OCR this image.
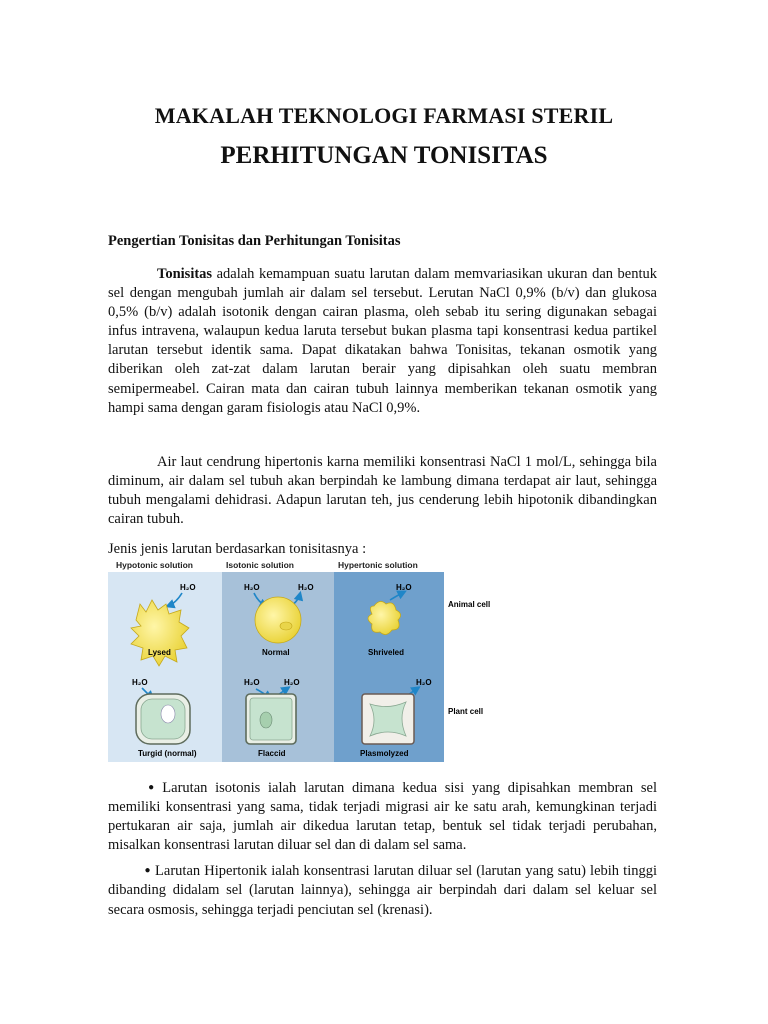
MAKALAH TEKNOLOGI FARMASI STERIL
PERHITUNGAN TONISITAS
Pengertian Tonisitas dan Perhitungan Tonisitas

Tonisitas adalah kemampuan suatu larutan dalam memvariasikan ukuran dan bentuk sel dengan mengubah jumlah air dalam sel tersebut. Lerutan NaCl 0,9% (b/v) dan glukosa 0,5% (b/v) adalah isotonik dengan cairan plasma, oleh sebab itu sering digunakan sebagai infus intravena, walaupun kedua laruta tersebut bukan plasma tapi konsentrasi kedua partikel larutan tersebut identik sama. Dapat dikatakan bahwa Tonisitas, tekanan osmotik yang diberikan oleh zat-zat dalam larutan berair yang dipisahkan oleh suatu membran semipermeabel. Cairan mata dan cairan tubuh lainnya memberikan tekanan osmotik yang hampi sama dengan garam fisiologis atau NaCl 0,9%.

Air laut cendrung hipertonis karna memiliki konsentrasi NaCl 1 mol/L, sehingga bila diminum, air dalam sel tubuh akan berpindah ke lambung dimana terdapat air laut, sehingga tubuh mengalami dehidrasi. Adapun larutan teh, jus cenderung lebih hipotonik dibandingkan cairan tubuh.

Jenis jenis larutan berdasarkan tonisitasnya :
Hypotonic solution	Isotonic solution	Hypertonic solution
H₂O
Lysed
H₂O	H₂O
Normal
H₂O
Shriveled
Animal cell
H₂O
Turgid (normal)
H₂O	H₂O
Flaccid
H₂O
Plasmolyzed
Plant cell

● Larutan isotonis ialah larutan dimana kedua sisi yang dipisahkan membran sel memiliki konsentrasi yang sama, tidak terjadi migrasi air ke satu arah, kemungkinan terjadi pertukaran air saja, jumlah air dikedua larutan tetap, bentuk sel tidak terjadi perubahan, misalkan konsentrasi larutan diluar sel dan di dalam sel sama.

● Larutan Hipertonik ialah konsentrasi larutan diluar sel (larutan yang satu) lebih tinggi dibanding didalam sel (larutan lainnya), sehingga air berpindah dari dalam sel keluar sel secara osmosis, sehingga terjadi penciutan sel (krenasi).
